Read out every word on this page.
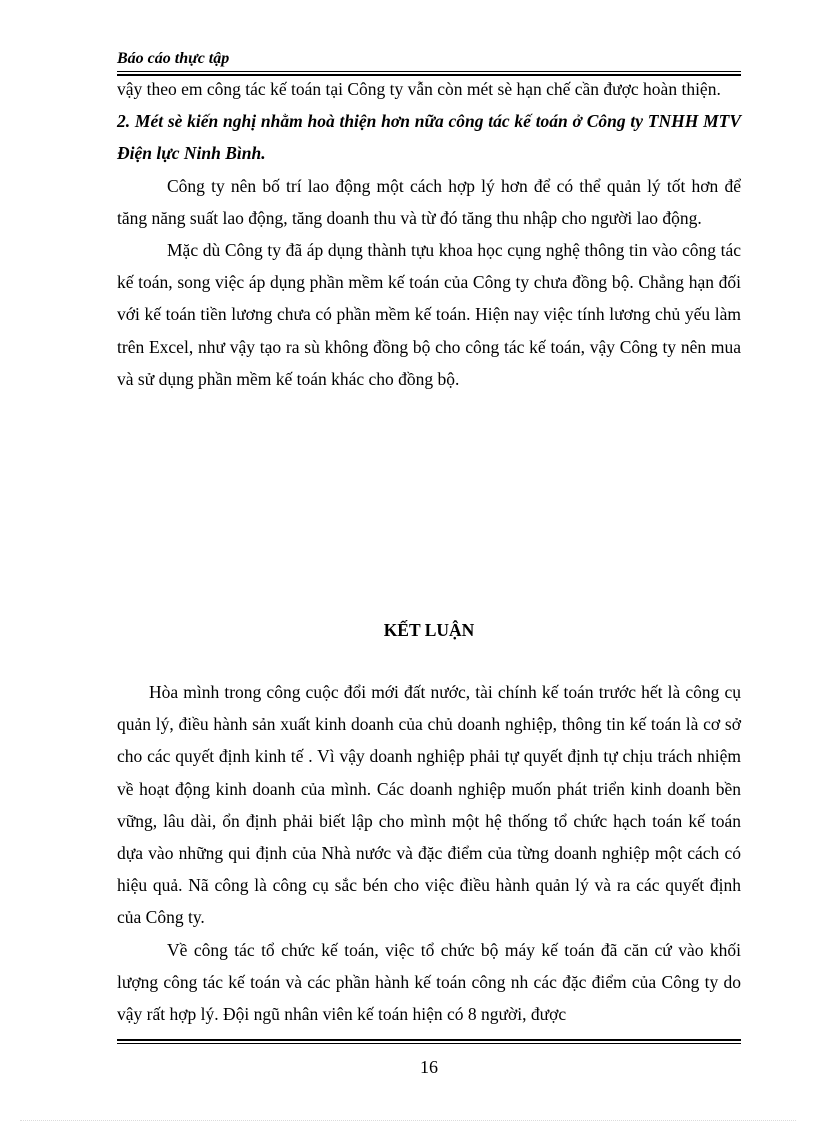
Báo cáo thực tập

vậy theo em công tác kế toán tại Công ty vẫn còn mét sè hạn chế cần được hoàn thiện.

2. Mét sè kiến nghị nhằm hoà thiện hơn nữa công tác kế toán ở Công ty TNHH MTV Điện lực Ninh Bình.

Công ty nên bố trí lao động một cách hợp lý hơn để có thể quản lý tốt hơn để tăng năng suất lao động, tăng doanh thu và từ đó tăng thu nhập cho người lao động.

Mặc dù Công ty đã áp dụng thành tựu khoa học cụng nghệ thông tin vào công tác kế toán, song việc áp dụng phần mềm kế toán của Công ty chưa đồng bộ. Chẳng hạn đối với kế toán tiền lương chưa có phần mềm kế toán. Hiện nay việc tính lương chủ yếu làm trên Excel, như vậy tạo ra sù không đồng bộ cho công tác kế toán, vậy Công ty nên mua và sử dụng phần mềm kế toán khác cho đồng bộ.

KẾT LUẬN

Hòa mình trong công cuộc đổi mới đất nước, tài chính kế toán trước hết là công cụ quản lý, điều hành sản xuất kinh doanh của chủ doanh nghiệp, thông tin kế toán là cơ sở cho các quyết định kinh tế . Vì vậy doanh nghiệp phải tự quyết định tự chịu trách nhiệm về hoạt động kinh doanh của mình. Các doanh nghiệp muốn phát triển kinh doanh bền vững, lâu dài, ổn định phải biết lập cho mình một hệ thống tổ chức hạch toán kế toán dựa vào những qui định của Nhà nước và đặc điểm của từng doanh nghiệp một cách có hiệu quả. Nã công là công cụ sắc bén cho việc điều hành quản lý và ra các quyết định của Công ty.

Về công tác tổ chức kế toán, việc tổ chức bộ máy kế toán đã căn cứ vào khối lượng công tác kế toán và các phần hành kế toán công nh các đặc điểm của Công ty do vậy rất hợp lý. Đội ngũ nhân viên kế toán hiện có 8 người, được

16
